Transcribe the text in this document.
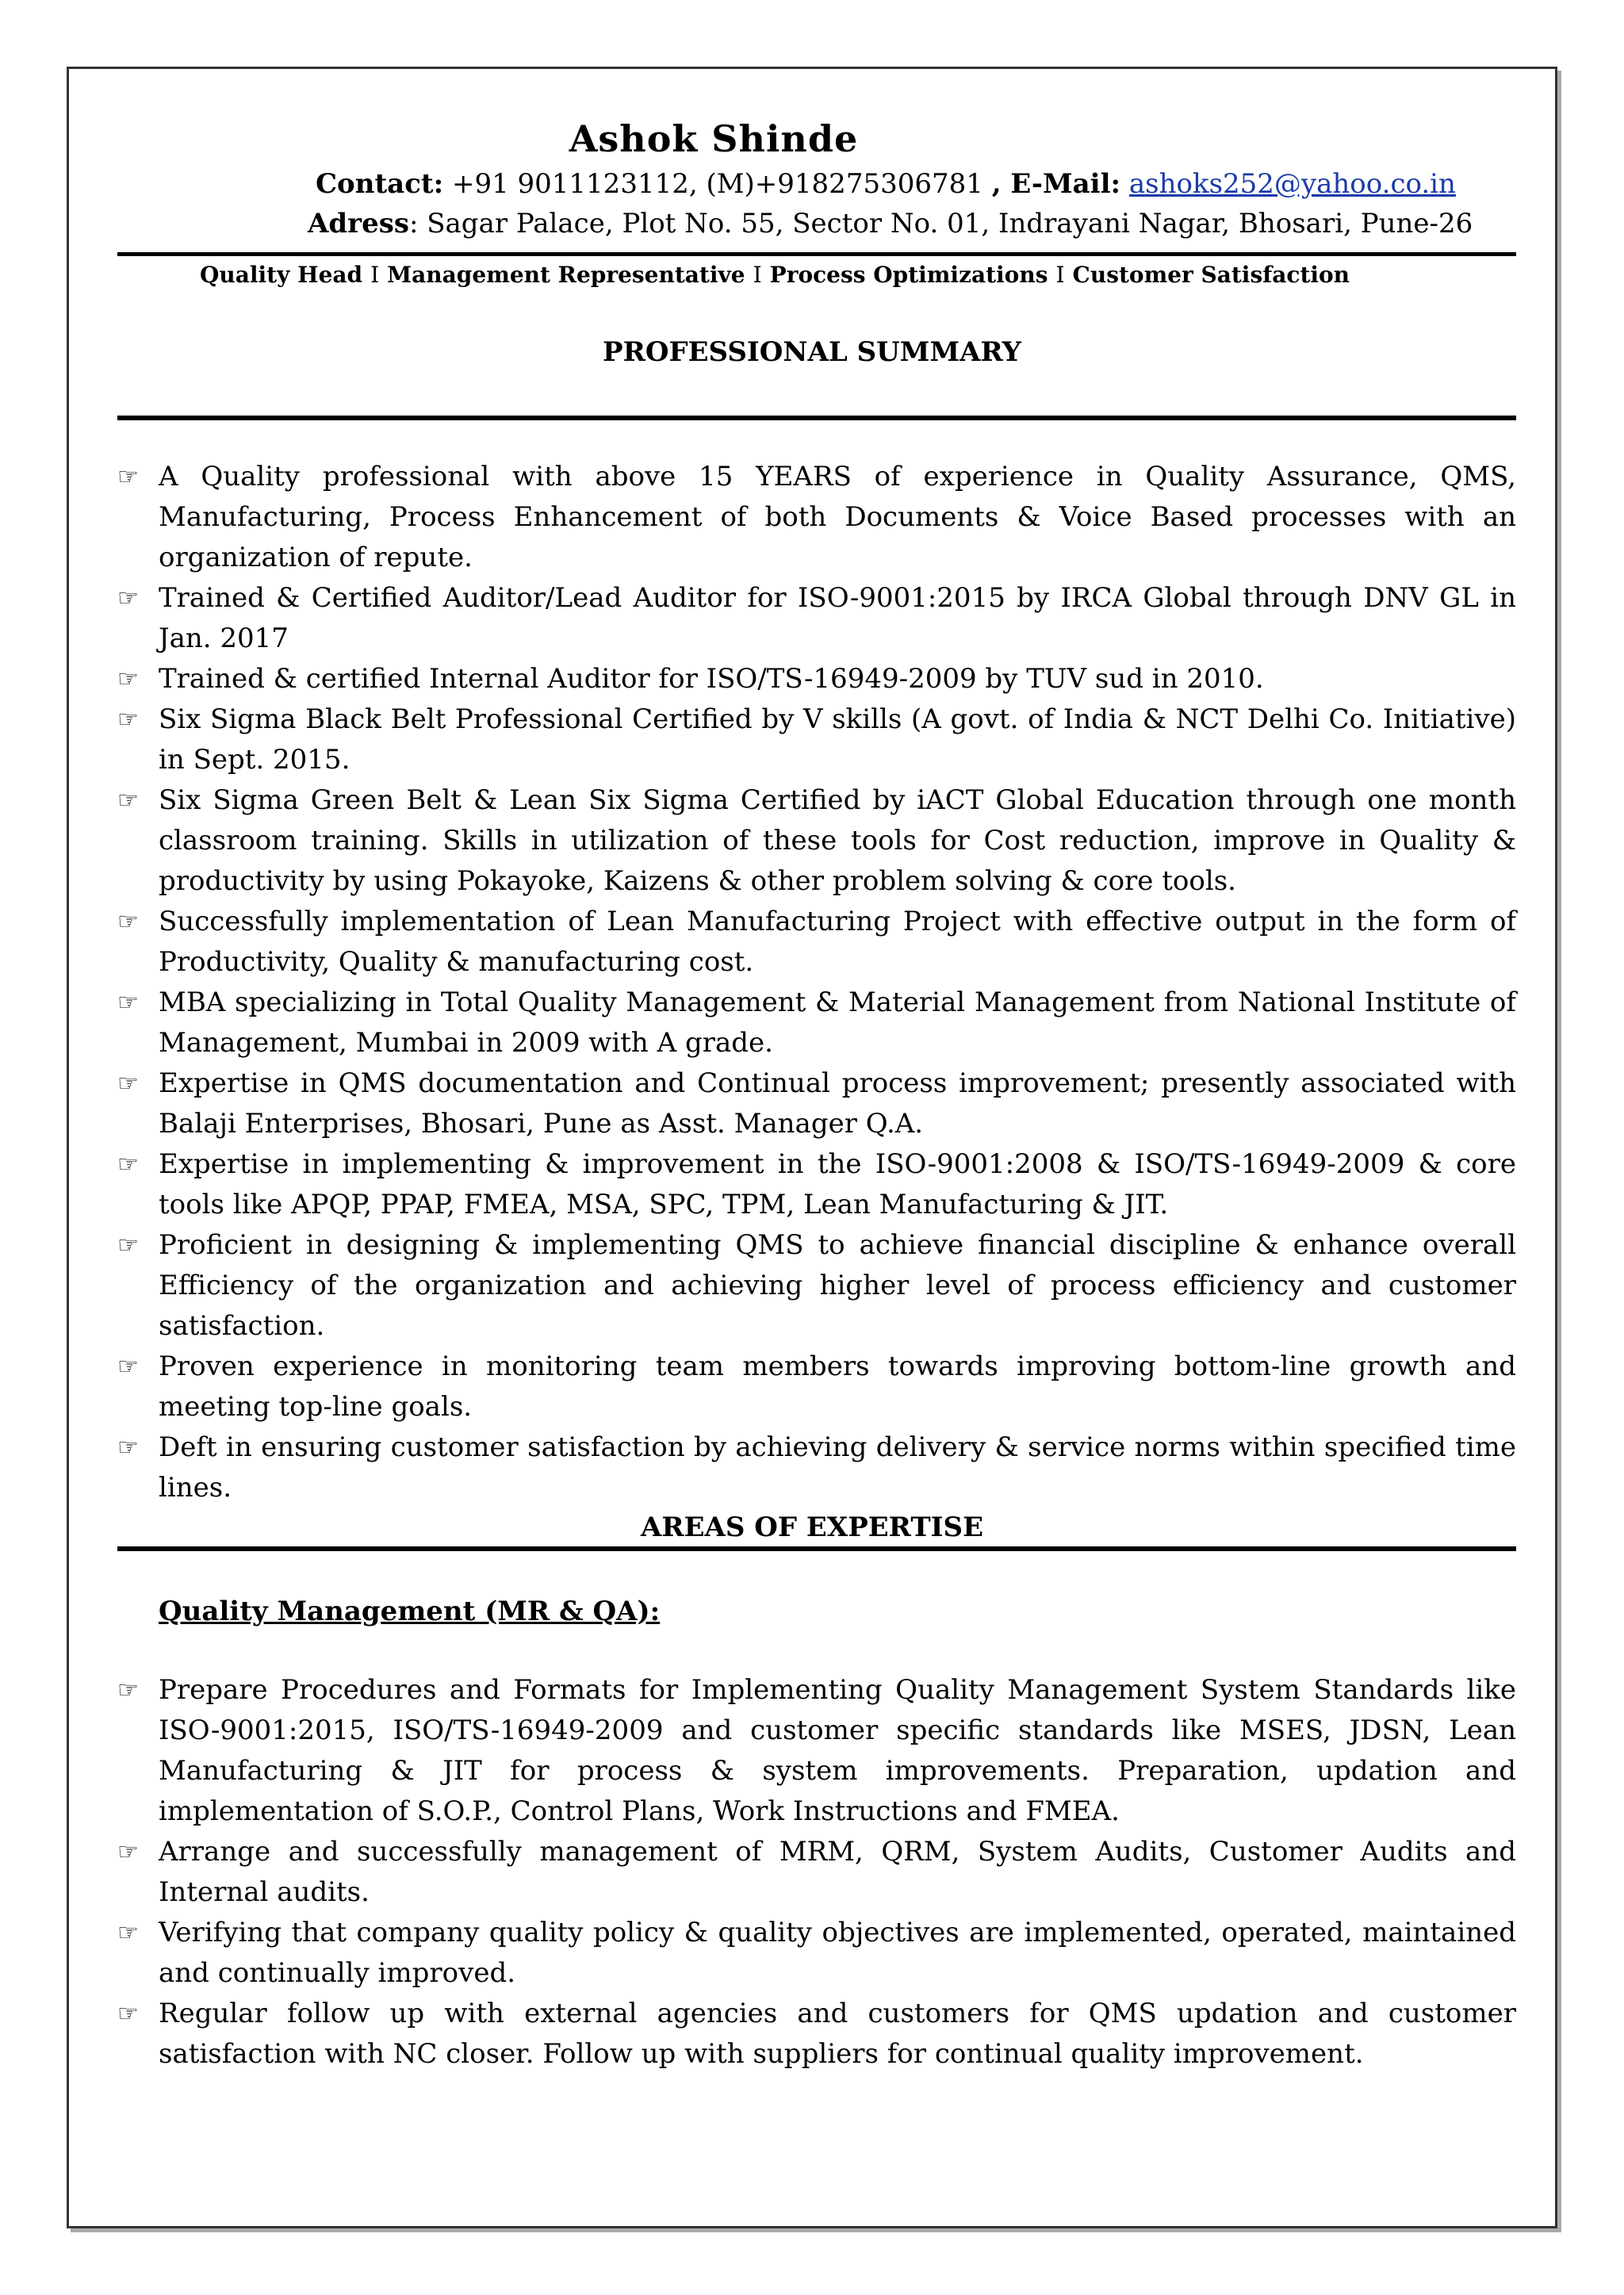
Ashok Shinde
Contact: +91 9011123112, (M)+918275306781 , E-Mail: ashoks252@yahoo.co.in
Adress: Sagar Palace, Plot No. 55, Sector No. 01, Indrayani Nagar, Bhosari, Pune-26
Quality Head I Management Representative I Process Optimizations I Customer Satisfaction
PROFESSIONAL SUMMARY
☞ A Quality professional with above 15 YEARS of experience in Quality Assurance, QMS, Manufacturing, Process Enhancement of both Documents & Voice Based processes with an organization of repute.
☞ Trained & Certified Auditor/Lead Auditor for ISO-9001:2015 by IRCA Global through DNV GL in Jan. 2017
☞ Trained & certified Internal Auditor for ISO/TS-16949-2009 by TUV sud in 2010.
☞ Six Sigma Black Belt Professional Certified by V skills (A govt. of India & NCT Delhi Co. Initiative) in Sept. 2015.
☞ Six Sigma Green Belt & Lean Six Sigma Certified by iACT Global Education through one month classroom training. Skills in utilization of these tools for Cost reduction, improve in Quality & productivity by using Pokayoke, Kaizens & other problem solving & core tools.
☞ Successfully implementation of Lean Manufacturing Project with effective output in the form of Productivity, Quality & manufacturing cost.
☞ MBA specializing in Total Quality Management & Material Management from National Institute of Management, Mumbai in 2009 with A grade.
☞ Expertise in QMS documentation and Continual process improvement; presently associated with Balaji Enterprises, Bhosari, Pune as Asst. Manager Q.A.
☞ Expertise in implementing & improvement in the ISO-9001:2008 & ISO/TS-16949-2009 & core tools like APQP, PPAP, FMEA, MSA, SPC, TPM, Lean Manufacturing & JIT.
☞ Proficient in designing & implementing QMS to achieve financial discipline & enhance overall Efficiency of the organization and achieving higher level of process efficiency and customer satisfaction.
☞ Proven experience in monitoring team members towards improving bottom-line growth and meeting top-line goals.
☞ Deft in ensuring customer satisfaction by achieving delivery & service norms within specified time lines.
AREAS OF EXPERTISE
Quality Management (MR & QA):
☞ Prepare Procedures and Formats for Implementing Quality Management System Standards like ISO-9001:2015, ISO/TS-16949-2009 and customer specific standards like MSES, JDSN, Lean Manufacturing & JIT for process & system improvements. Preparation, updation and implementation of S.O.P., Control Plans, Work Instructions and FMEA.
☞ Arrange and successfully management of MRM, QRM, System Audits, Customer Audits and Internal audits.
☞ Verifying that company quality policy & quality objectives are implemented, operated, maintained and continually improved.
☞ Regular follow up with external agencies and customers for QMS updation and customer satisfaction with NC closer. Follow up with suppliers for continual quality improvement.
